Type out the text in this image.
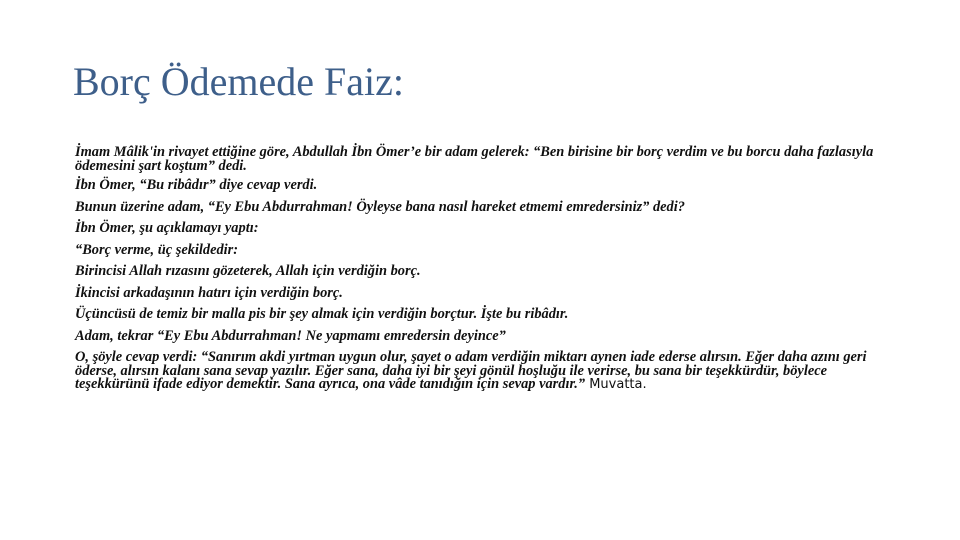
Borç Ödemede Faiz:

İmam Mâlik'in rivayet ettiğine göre, Abdullah İbn Ömer’e bir adam gelerek: “Ben birisine bir borç verdim ve bu borcu daha fazlasıyla ödemesini şart koştum” dedi.

İbn Ömer, “Bu ribâdır” diye cevap verdi.

Bunun üzerine adam, “Ey Ebu Abdurrahman! Öyleyse bana nasıl hareket etmemi emredersiniz” dedi?

İbn Ömer, şu açıklamayı yaptı:

“Borç verme, üç şekildedir:

Birincisi Allah rızasını gözeterek, Allah için verdiğin borç.

İkincisi arkadaşının hatırı için verdiğin borç.

Üçüncüsü de temiz bir malla pis bir şey almak için verdiğin borçtur. İşte bu ribâdır.

Adam, tekrar “Ey Ebu Abdurrahman! Ne yapmamı emredersin deyince”

O, şöyle cevap verdi: “Sanırım akdi yırtman uygun olur, şayet o adam verdiğin miktarı aynen iade ederse alırsın. Eğer daha azını geri öderse, alırsın kalanı sana sevap yazılır. Eğer sana, daha iyi bir şeyi gönül hoşluğu ile verirse, bu sana bir teşekkürdür, böylece teşekkürünü ifade ediyor demektir. Sana ayrıca, ona vâde tanıdığın için sevap vardır.” Muvatta.
